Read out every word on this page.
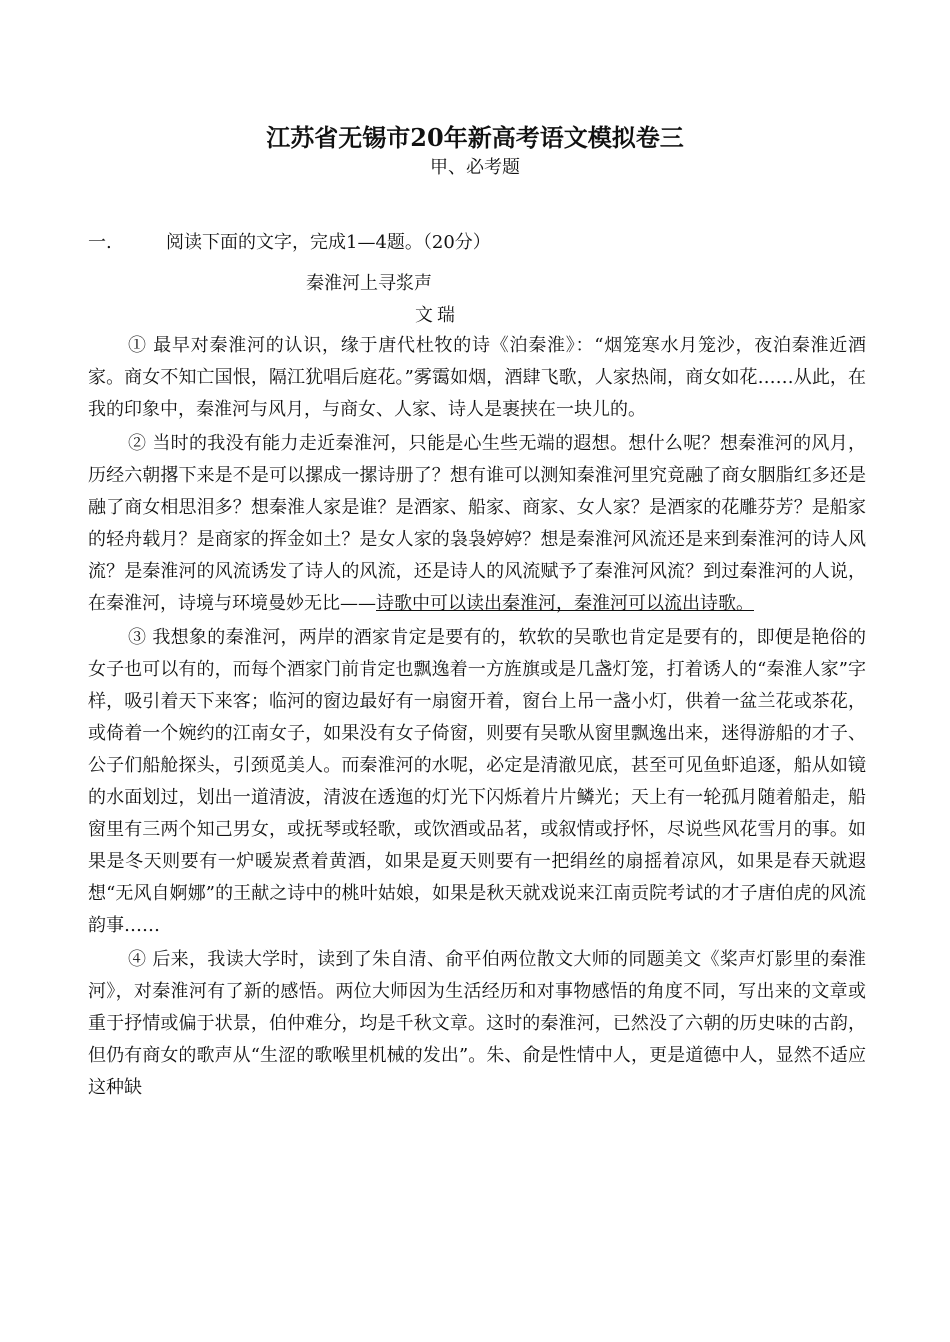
江苏省无锡市20年新高考语文模拟卷三
甲、必考题
一.	阅读下面的文字，完成1—4题。（20分）
秦淮河上寻浆声
文瑞

① 最早对秦淮河的认识，缘于唐代杜牧的诗《泊秦淮》：“烟笼寒水月笼沙，夜泊秦淮近酒家。商女不知亡国恨，隔江犹唱后庭花。”雾霭如烟，酒肆飞歌，人家热闹，商女如花……从此，在我的印象中，秦淮河与风月，与商女、人家、诗人是裹挟在一块儿的。

② 当时的我没有能力走近秦淮河，只能是心生些无端的遐想。想什么呢？想秦淮河的风月，历经六朝撂下来是不是可以摞成一摞诗册了？想有谁可以测知秦淮河里究竟融了商女胭脂红多还是融了商女相思泪多？想秦淮人家是谁？是酒家、船家、商家、女人家？是酒家的花雕芬芳？是船家的轻舟载月？是商家的挥金如土？是女人家的袅袅婷婷？想是秦淮河风流还是来到秦淮河的诗人风流？是秦淮河的风流诱发了诗人的风流，还是诗人的风流赋予了秦淮河风流？到过秦淮河的人说，在秦淮河，诗境与环境曼妙无比——诗歌中可以读出秦淮河，秦淮河可以流出诗歌。

③ 我想象的秦淮河，两岸的酒家肯定是要有的，软软的吴歌也肯定是要有的，即便是艳俗的女子也可以有的，而每个酒家门前肯定也飘逸着一方旌旗或是几盏灯笼，打着诱人的“秦淮人家”字样，吸引着天下来客；临河的窗边最好有一扇窗开着，窗台上吊一盏小灯，供着一盆兰花或茶花，或倚着一个婉约的江南女子，如果没有女子倚窗，则要有吴歌从窗里飘逸出来，迷得游船的才子、公子们船舱探头，引颈觅美人。而秦淮河的水呢，必定是清澈见底，甚至可见鱼虾追逐，船从如镜的水面划过，划出一道清波，清波在透迤的灯光下闪烁着片片鳞光；天上有一轮孤月随着船走，船窗里有三两个知己男女，或抚琴或轻歌，或饮酒或品茗，或叙情或抒怀，尽说些风花雪月的事。如果是冬天则要有一炉暖炭煮着黄酒，如果是夏天则要有一把绢丝的扇摇着凉风，如果是春天就遐想“无风自婀娜”的王献之诗中的桃叶姑娘，如果是秋天就戏说来江南贡院考试的才子唐伯虎的风流韵事……

④ 后来，我读大学时，读到了朱自清、俞平伯两位散文大师的同题美文《桨声灯影里的秦淮河》，对秦淮河有了新的感悟。两位大师因为生活经历和对事物感悟的角度不同，写出来的文章或重于抒情或偏于状景，伯仲难分，均是千秋文章。这时的秦淮河，已然没了六朝的历史味的古韵，但仍有商女的歌声从“生涩的歌喉里机械的发出”。朱、俞是性情中人，更是道德中人，显然不适应这种缺
